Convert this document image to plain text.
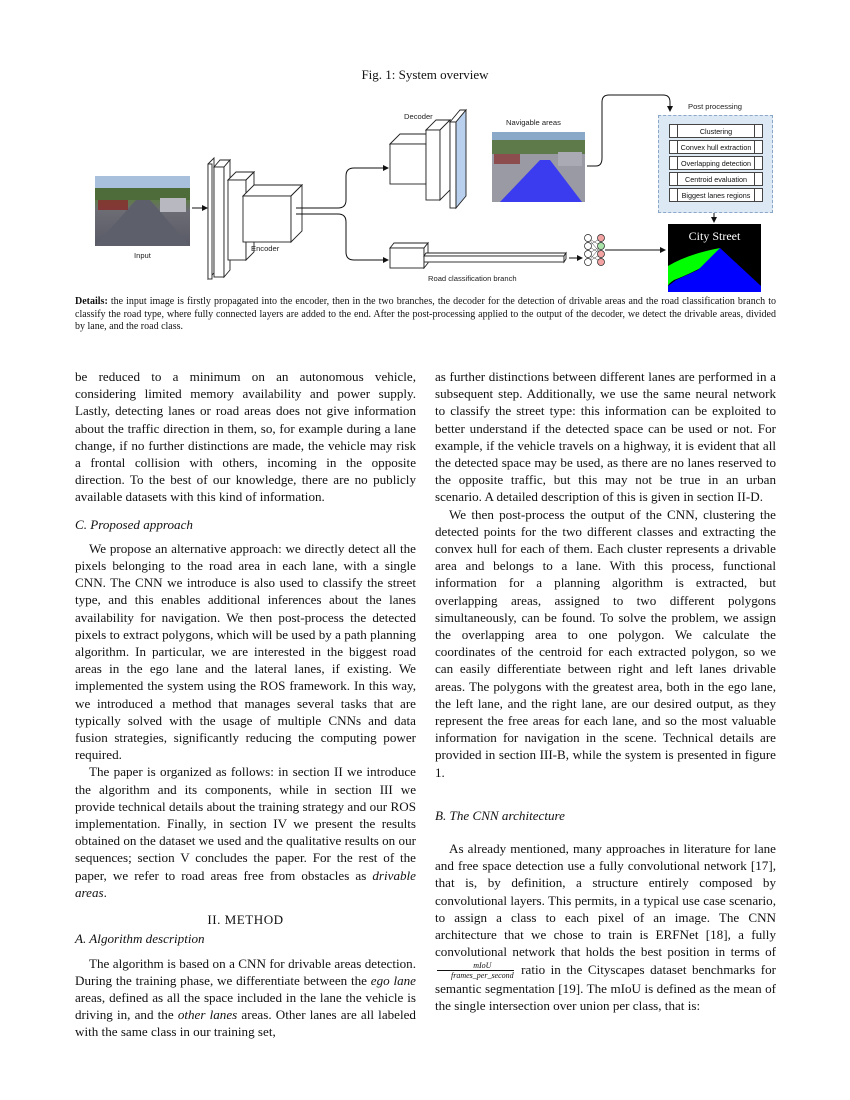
Fig. 1: System overview
Input
Encoder
Decoder
Navigable areas
Road classification branch
Post processing
Clustering
Convex hull extraction
Overlapping detection
Centroid evaluation
Biggest lanes regions
City Street
Details: the input image is firstly propagated into the encoder, then in the two branches, the decoder for the detection of drivable areas and the road classification branch to classify the road type, where fully connected layers are added to the end. After the post-processing applied to the output of the decoder, we detect the drivable areas, divided by lane, and the road class.

be reduced to a minimum on an autonomous vehicle, considering limited memory availability and power supply. Lastly, detecting lanes or road areas does not give information about the traffic direction in them, so, for example during a lane change, if no further distinctions are made, the vehicle may risk a frontal collision with others, incoming in the opposite direction. To the best of our knowledge, there are no publicly available datasets with this kind of information.

C. Proposed approach

We propose an alternative approach: we directly detect all the pixels belonging to the road area in each lane, with a single CNN. The CNN we introduce is also used to classify the street type, and this enables additional inferences about the lanes availability for navigation. We then post-process the detected pixels to extract polygons, which will be used by a path planning algorithm. In particular, we are interested in the biggest road areas in the ego lane and the lateral lanes, if existing. We implemented the system using the ROS framework. In this way, we introduced a method that manages several tasks that are typically solved with the usage of multiple CNNs and data fusion strategies, significantly reducing the computing power required.

The paper is organized as follows: in section II we introduce the algorithm and its components, while in section III we provide technical details about the training strategy and our ROS implementation. Finally, in section IV we present the results obtained on the dataset we used and the qualitative results on our sequences; section V concludes the paper. For the rest of the paper, we refer to road areas free from obstacles as drivable areas.

II. METHOD

A. Algorithm description

The algorithm is based on a CNN for drivable areas detection. During the training phase, we differentiate between the ego lane areas, defined as all the space included in the lane the vehicle is driving in, and the other lanes areas. Other lanes are all labeled with the same class in our training set,

as further distinctions between different lanes are performed in a subsequent step. Additionally, we use the same neural network to classify the street type: this information can be exploited to better understand if the detected space can be used or not. For example, if the vehicle travels on a highway, it is evident that all the detected space may be used, as there are no lanes reserved to the opposite traffic, but this may not be true in an urban scenario. A detailed description of this is given in section II-D.

We then post-process the output of the CNN, clustering the detected points for the two different classes and extracting the convex hull for each of them. Each cluster represents a drivable area and belongs to a lane. With this process, functional information for a planning algorithm is extracted, but overlapping areas, assigned to two different polygons simultaneously, can be found. To solve the problem, we assign the overlapping area to one polygon. We calculate the coordinates of the centroid for each extracted polygon, so we can easily differentiate between right and left lanes drivable areas. The polygons with the greatest area, both in the ego lane, the left lane, and the right lane, are our desired output, as they represent the free areas for each lane, and so the most valuable information for navigation in the scene. Technical details are provided in section III-B, while the system is presented in figure 1.

B. The CNN architecture

As already mentioned, many approaches in literature for lane and free space detection use a fully convolutional network [17], that is, by definition, a structure entirely composed by convolutional layers. This permits, in a typical use case scenario, to assign a class to each pixel of an image. The CNN architecture that we chose to train is ERFNet [18], a fully convolutional network that holds the best position in terms of
$\frac{\text{mIoU}}{\text{frames\_per\_second}}$ ratio in the Cityscapes dataset benchmarks for semantic segmentation [19]. The mIoU is defined as the mean of the single intersection over union per class, that is:
